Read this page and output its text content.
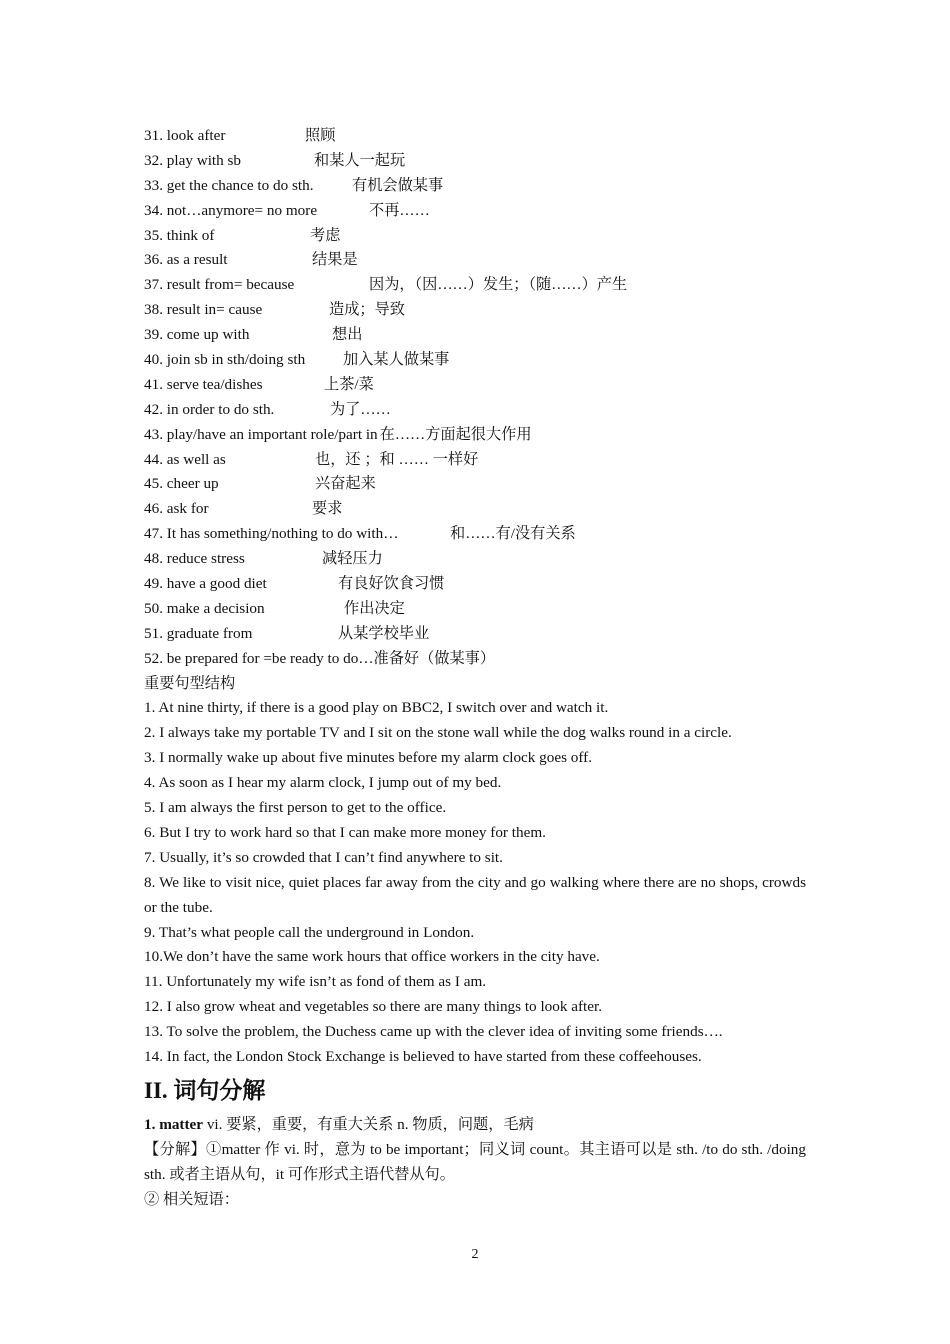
31. look after	照顾
32. play with sb	和某人一起玩
33. get the chance to do sth.	有机会做某事
34. not…anymore= no more	不再……
35. think of	考虑
36. as a result	结果是
37. result from= because	因为，（因……）发生；（随……）产生
38. result in= cause	造成；导致
39. come up with	想出
40. join sb in sth/doing sth 加入某人做某事
41. serve tea/dishes	上茶/菜
42. in order to do sth.	为了……
43. play/have an important role/part in 在……方面起很大作用
44. as well as	也，还 ；和 …… 一样好
45. cheer up	兴奋起来
46. ask for	要求
47. It has something/nothing to do with…	和……有/没有关系
48. reduce stress	减轻压力
49. have a good diet	有良好饮食习惯
50. make a decision	作出决定
51. graduate from	从某学校毕业
52. be prepared for =be ready to do…准备好（做某事）
重要句型结构
1. At nine thirty, if there is a good play on BBC2, I switch over and watch it.
2. I always take my portable TV and I sit on the stone wall while the dog walks round in a circle.
3. I normally wake up about five minutes before my alarm clock goes off.
4. As soon as I hear my alarm clock, I jump out of my bed.
5. I am always the first person to get to the office.
6. But I try to work hard so that I can make more money for them.
7. Usually, it’s so crowded that I can’t find anywhere to sit.
8. We like to visit nice, quiet places far away from the city and go walking where there are no shops, crowds or the tube.
9. That’s what people call the underground in London.
10.We don’t have the same work hours that office workers in the city have.
11. Unfortunately my wife isn’t as fond of them as I am.
12. I also grow wheat and vegetables so there are many things to look after.
13. To solve the problem, the Duchess came up with the clever idea of inviting some friends….
14. In fact, the London Stock Exchange is believed to have started from these coffeehouses.
II. 词句分解
1. matter vi. 要紧，重要，有重大关系 n. 物质，问题，毛病
【分解】①matter 作 vi. 时，意为 to be important；同义词 count。其主语可以是 sth. /to do sth. /doing sth. 或者主语从句，it 可作形式主语代替从句。
② 相关短语：
2
